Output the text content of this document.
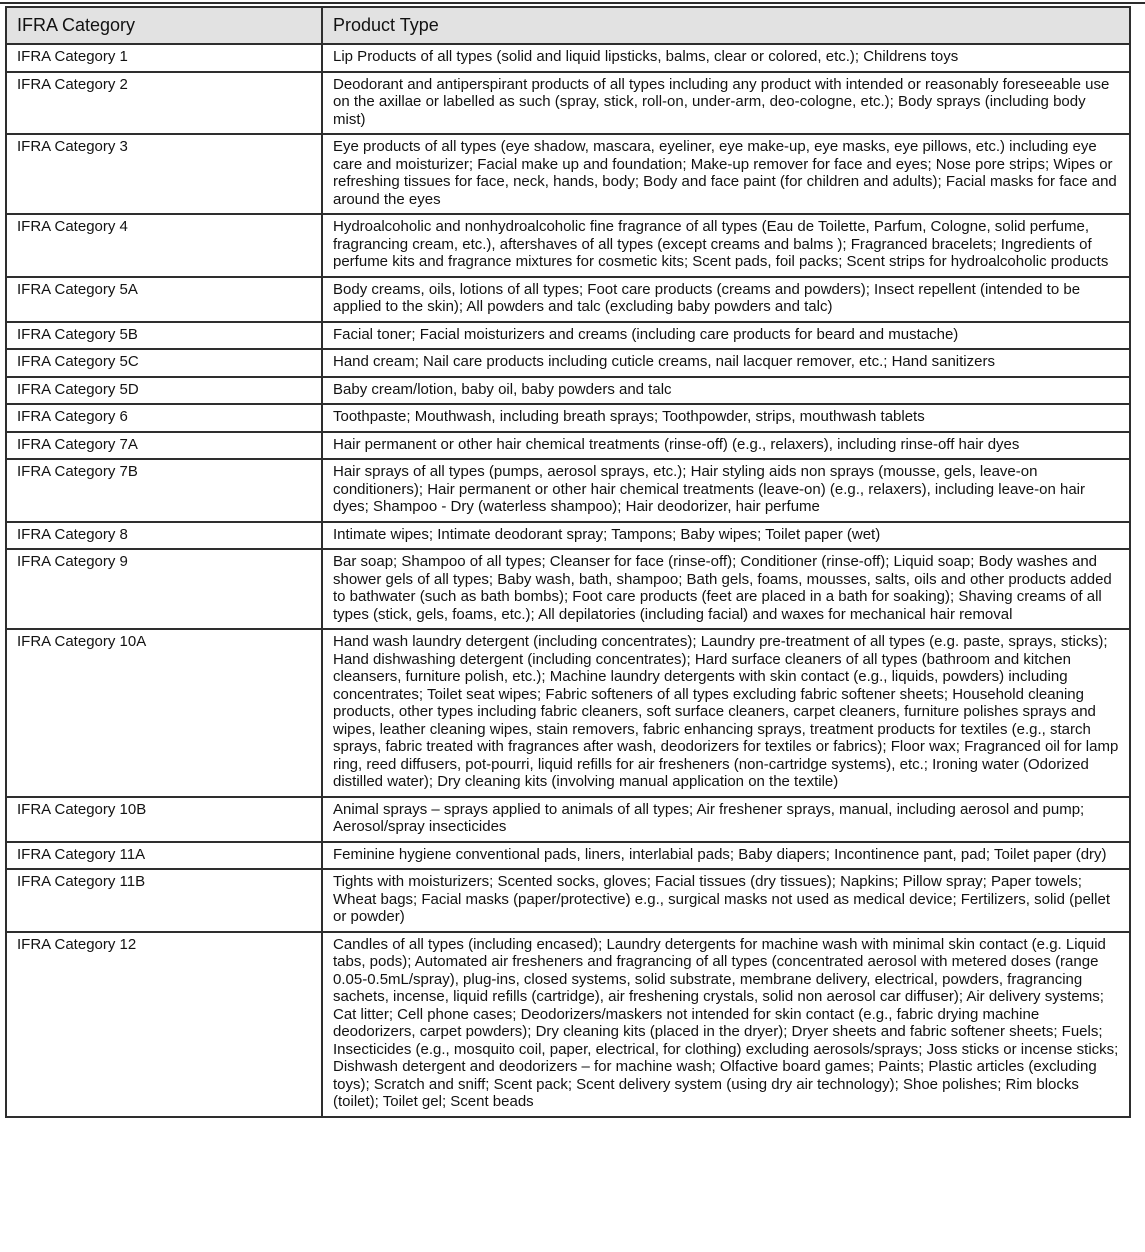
IFRA Category	Product Type
IFRA Category 1	Lip Products of all types (solid and liquid lipsticks, balms, clear or colored, etc.); Childrens toys
IFRA Category 2	Deodorant and antiperspirant products of all types including any product with intended or reasonably foreseeable use on the axillae or labelled as such (spray, stick, roll-on, under-arm, deo-cologne, etc.); Body sprays (including body mist)
IFRA Category 3	Eye products of all types (eye shadow, mascara, eyeliner, eye make-up, eye masks, eye pillows, etc.) including eye care and moisturizer; Facial make up and foundation; Make-up remover for face and eyes; Nose pore strips; Wipes or refreshing tissues for face, neck, hands, body; Body and face paint (for children and adults); Facial masks for face and around the eyes
IFRA Category 4	Hydroalcoholic and nonhydroalcoholic fine fragrance of all types (Eau de Toilette, Parfum, Cologne, solid perfume, fragrancing cream, etc.), aftershaves of all types (except creams and balms ); Fragranced bracelets; Ingredients of perfume kits and fragrance mixtures for cosmetic kits; Scent pads, foil packs; Scent strips for hydroalcoholic products
IFRA Category 5A	Body creams, oils, lotions of all types; Foot care products (creams and powders); Insect repellent (intended to be applied to the skin); All powders and talc (excluding baby powders and talc)
IFRA Category 5B	Facial toner; Facial moisturizers and creams (including care products for beard and mustache)
IFRA Category 5C	Hand cream; Nail care products including cuticle creams, nail lacquer remover, etc.; Hand sanitizers
IFRA Category 5D	Baby cream/lotion, baby oil, baby powders and talc
IFRA Category 6	Toothpaste; Mouthwash, including breath sprays; Toothpowder, strips, mouthwash tablets
IFRA Category 7A	Hair permanent or other hair chemical treatments (rinse-off) (e.g., relaxers), including rinse-off hair dyes
IFRA Category 7B	Hair sprays of all types (pumps, aerosol sprays, etc.); Hair styling aids non sprays (mousse, gels, leave-on conditioners); Hair permanent or other hair chemical treatments (leave-on) (e.g., relaxers), including leave-on hair dyes; Shampoo - Dry (waterless shampoo); Hair deodorizer, hair perfume
IFRA Category 8	Intimate wipes; Intimate deodorant spray; Tampons; Baby wipes; Toilet paper (wet)
IFRA Category 9	Bar soap; Shampoo of all types; Cleanser for face (rinse-off); Conditioner (rinse-off); Liquid soap; Body washes and shower gels of all types; Baby wash, bath, shampoo; Bath gels, foams, mousses, salts, oils and other products added to bathwater (such as bath bombs); Foot care products (feet are placed in a bath for soaking); Shaving creams of all types (stick, gels, foams, etc.); All depilatories (including facial) and waxes for mechanical hair removal
IFRA Category 10A	Hand wash laundry detergent (including concentrates); Laundry pre-treatment of all types (e.g. paste, sprays, sticks); Hand dishwashing detergent (including concentrates); Hard surface cleaners of all types (bathroom and kitchen cleansers, furniture polish, etc.); Machine laundry detergents with skin contact (e.g., liquids, powders) including concentrates; Toilet seat wipes; Fabric softeners of all types excluding fabric softener sheets; Household cleaning products, other types including fabric cleaners, soft surface cleaners, carpet cleaners, furniture polishes sprays and wipes, leather cleaning wipes, stain removers, fabric enhancing sprays, treatment products for textiles (e.g., starch sprays, fabric treated with fragrances after wash, deodorizers for textiles or fabrics); Floor wax; Fragranced oil for lamp ring, reed diffusers, pot-pourri, liquid refills for air fresheners (non-cartridge systems), etc.; Ironing water (Odorized distilled water); Dry cleaning kits (involving manual application on the textile)
IFRA Category 10B	Animal sprays – sprays applied to animals of all types; Air freshener sprays, manual, including aerosol and pump; Aerosol/spray insecticides
IFRA Category 11A	Feminine hygiene conventional pads, liners, interlabial pads; Baby diapers; Incontinence pant, pad; Toilet paper (dry)
IFRA Category 11B	Tights with moisturizers; Scented socks, gloves; Facial tissues (dry tissues); Napkins; Pillow spray; Paper towels; Wheat bags; Facial masks (paper/protective) e.g., surgical masks not used as medical device; Fertilizers, solid (pellet or powder)
IFRA Category 12	Candles of all types (including encased); Laundry detergents for machine wash with minimal skin contact (e.g. Liquid tabs, pods); Automated air fresheners and fragrancing of all types (concentrated aerosol with metered doses (range 0.05-0.5mL/spray), plug-ins, closed systems, solid substrate, membrane delivery, electrical, powders, fragrancing sachets, incense, liquid refills (cartridge), air freshening crystals, solid non aerosol car diffuser); Air delivery systems; Cat litter; Cell phone cases; Deodorizers/maskers not intended for skin contact (e.g., fabric drying machine deodorizers, carpet powders); Dry cleaning kits (placed in the dryer); Dryer sheets and fabric softener sheets; Fuels; Insecticides (e.g., mosquito coil, paper, electrical, for clothing) excluding aerosols/sprays; Joss sticks or incense sticks; Dishwash detergent and deodorizers – for machine wash; Olfactive board games; Paints; Plastic articles (excluding toys); Scratch and sniff; Scent pack; Scent delivery system (using dry air technology); Shoe polishes; Rim blocks (toilet); Toilet gel; Scent beads
